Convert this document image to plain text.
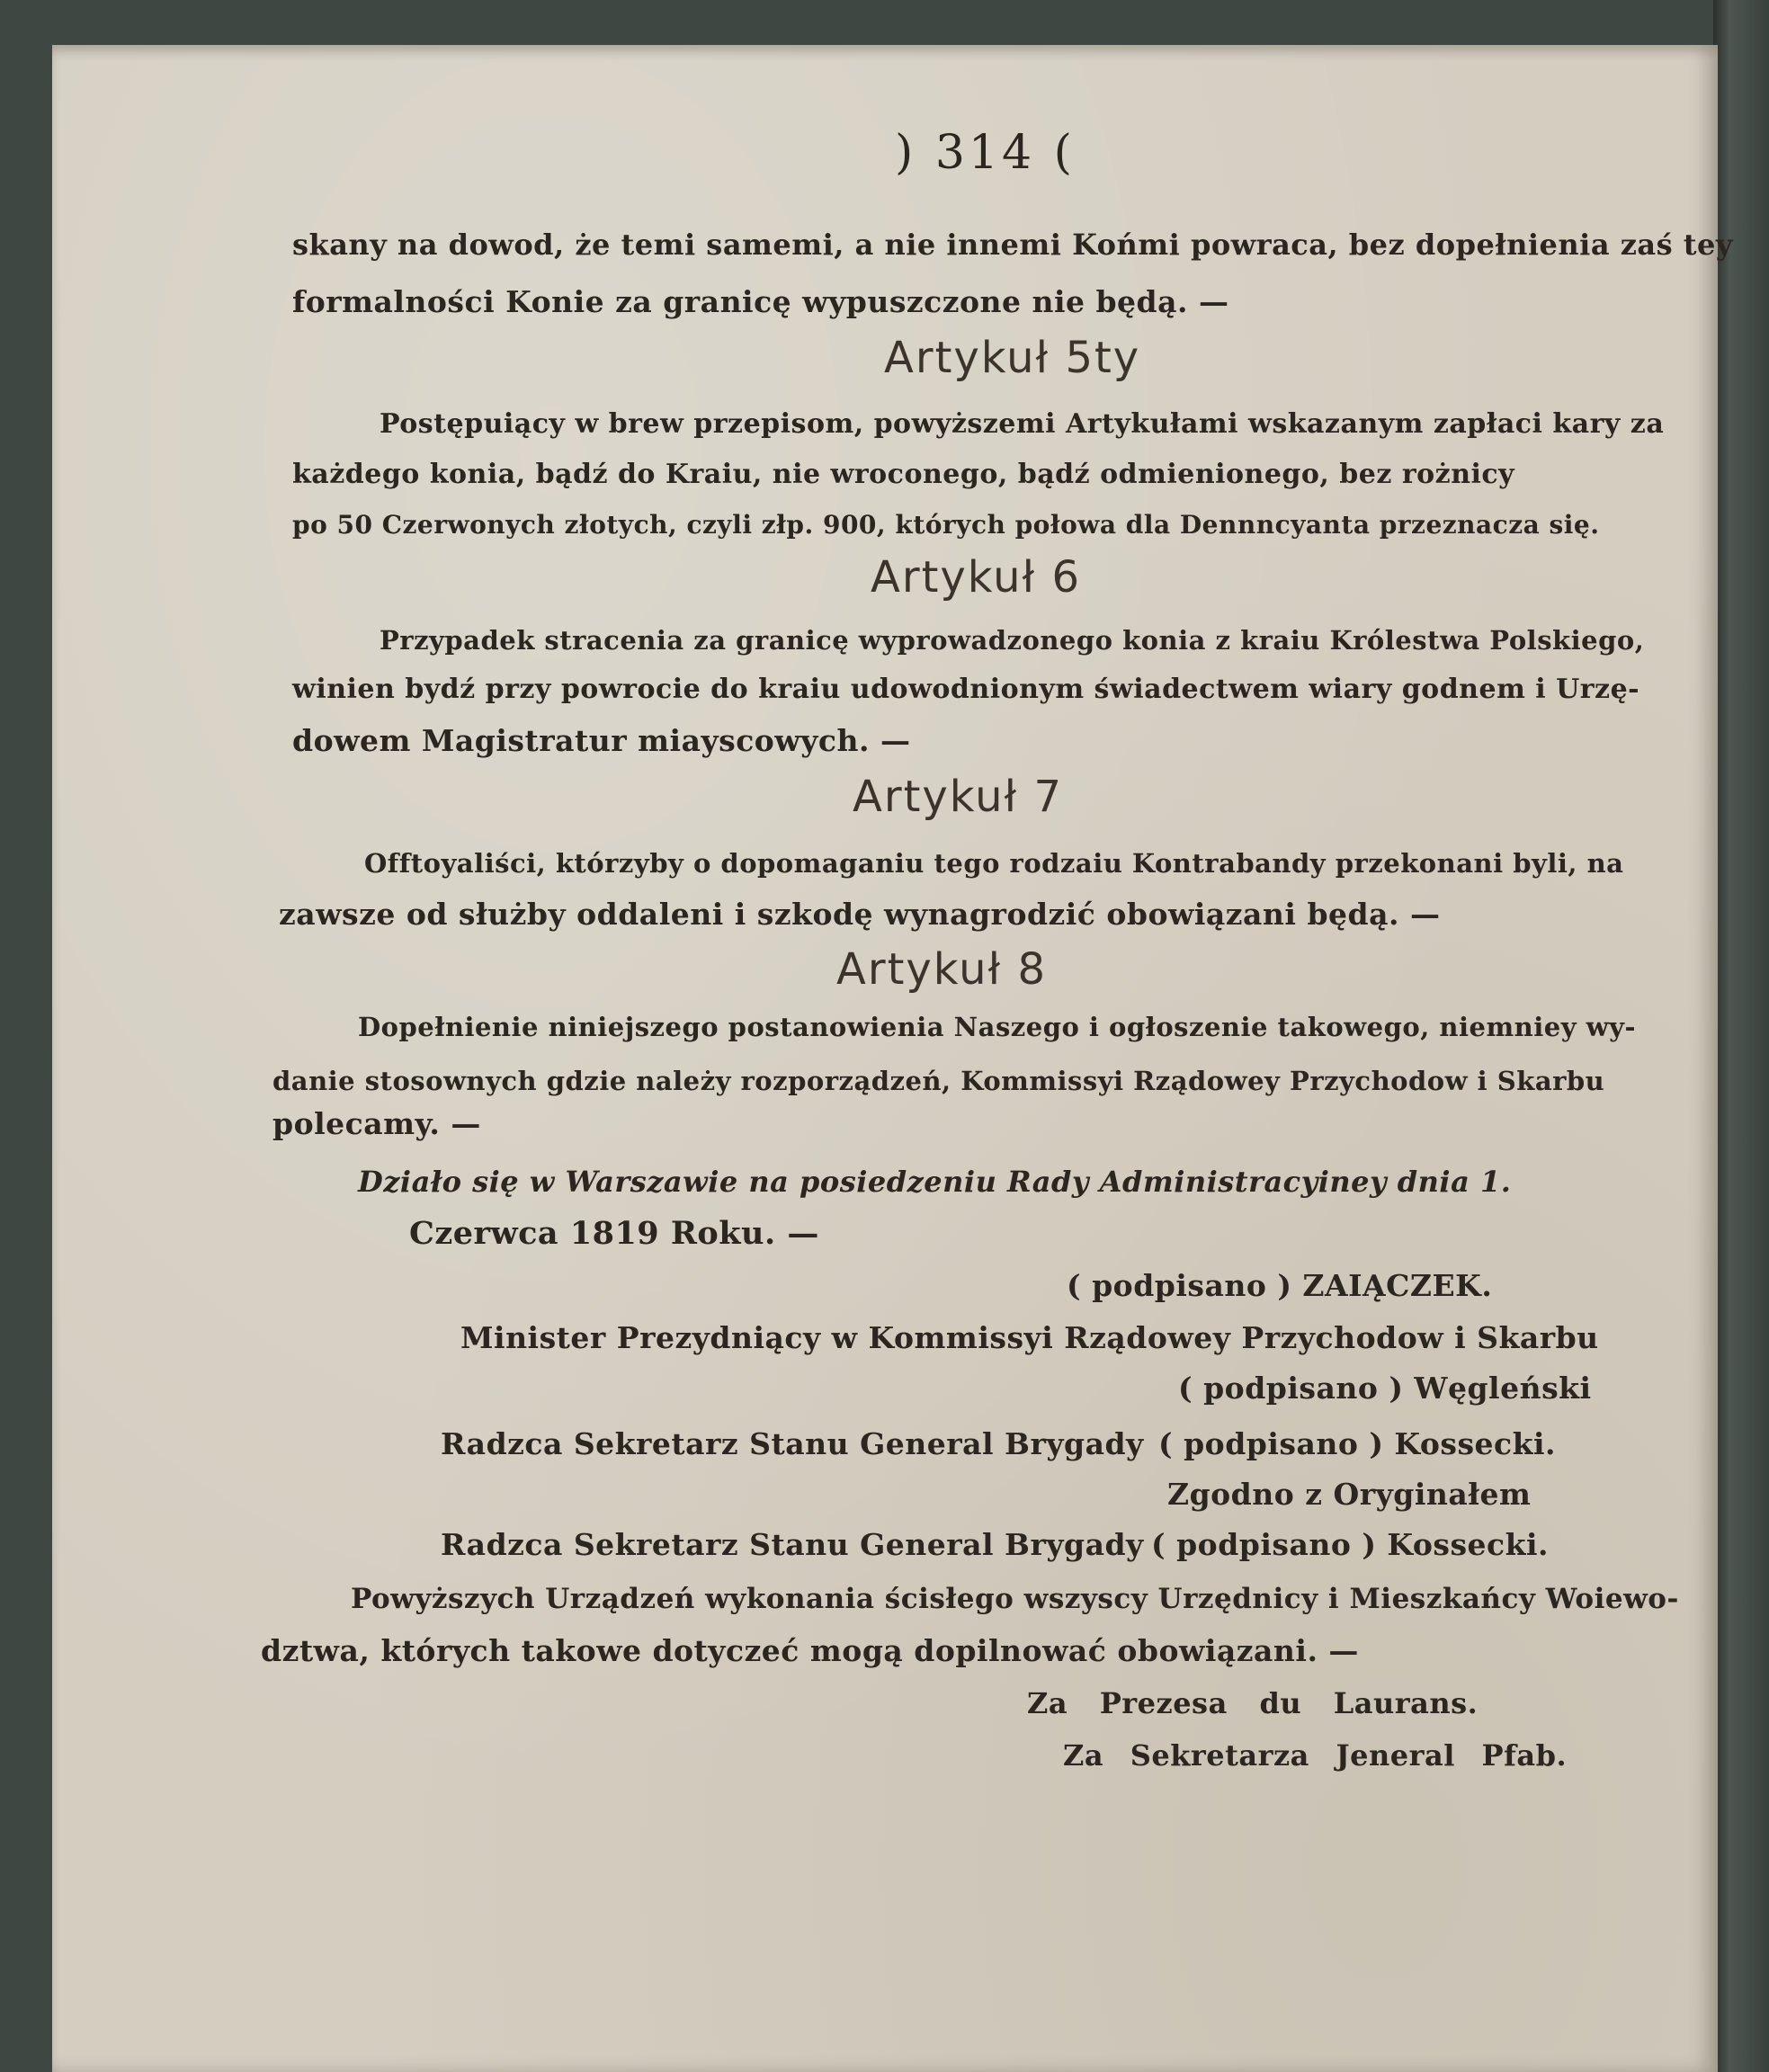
) 314 (
skany na dowod, że temi samemi, a nie innemi Końmi powraca, bez dopełnienia zaś tey
formalności Konie za granicę wypuszczone nie będą. —
Artykuł 5ty
Postępuiący w brew przepisom, powyższemi Artykułami wskazanym zapłaci kary za
każdego konia, bądź do Kraiu, nie wroconego, bądź odmienionego, bez rożnicy
po 50 Czerwonych złotych, czyli złp. 900, których połowa dla Dennncyanta przeznacza się.
Artykuł 6
Przypadek stracenia za granicę wyprowadzonego konia z kraiu Królestwa Polskiego,
winien bydź przy powrocie do kraiu udowodnionym świadectwem wiary godnem i Urzę-
dowem Magistratur miayscowych. —
Artykuł 7
Offtoyaliści, którzyby o dopomaganiu tego rodzaiu Kontrabandy przekonani byli, na
zawsze od służby oddaleni i szkodę wynagrodzić obowiązani będą. —
Artykuł 8
Dopełnienie niniejszego postanowienia Naszego i ogłoszenie takowego, niemniey wy-
danie stosownych gdzie należy rozporządzeń, Kommissyi Rządowey Przychodow i Skarbu
polecamy. —
Działo się w Warszawie na posiedzeniu Rady Administracyiney dnia 1.
Czerwca 1819 Roku. —
( podpisano ) ZAIĄCZEK.
Minister Prezydniący w Kommissyi Rządowey Przychodow i Skarbu
( podpisano ) Węgleński
Radzca Sekretarz Stanu General Brygady ( podpisano ) Kossecki.
Zgodno z Oryginałem
Radzca Sekretarz Stanu General Brygady ( podpisano ) Kossecki.
Powyższych Urządzeń wykonania ścisłego wszyscy Urzędnicy i Mieszkańcy Woiewo-
dztwa, których takowe dotyczeć mogą dopilnować obowiązani. —
Za Prezesa du Laurans.
Za Sekretarza Jeneral Pfab.
